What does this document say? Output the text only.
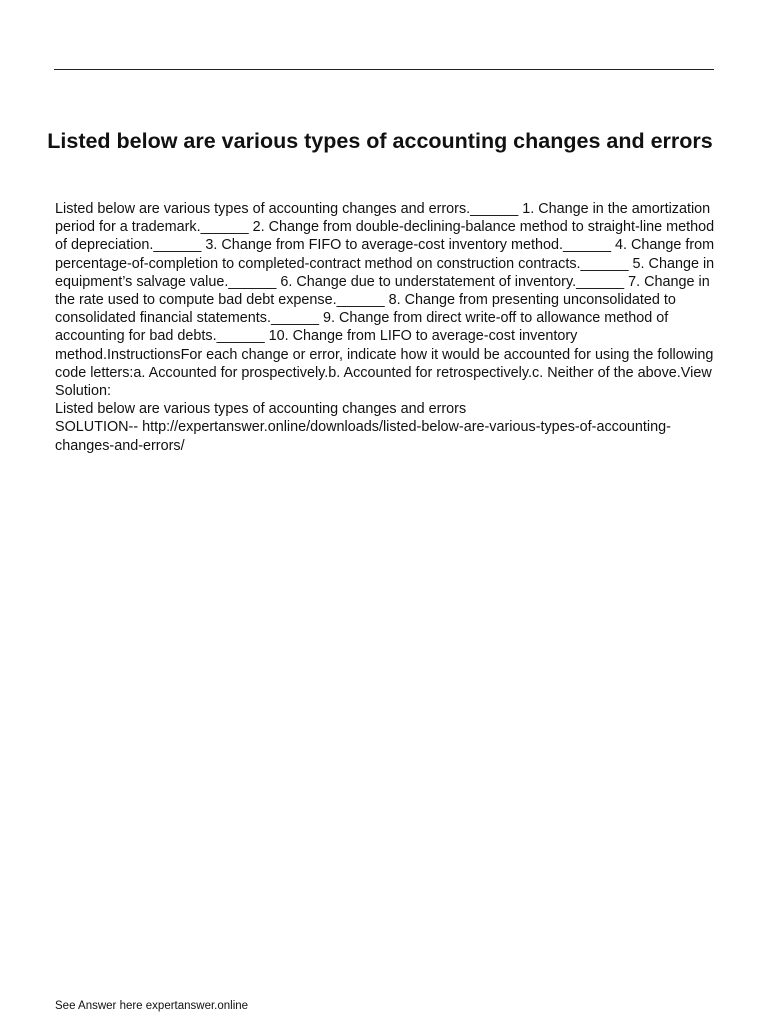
Listed below are various types of accounting changes and errors

Listed below are various types of accounting changes and errors.______ 1. Change in the amortization period for a trademark.______ 2. Change from double-declining-balance method to straight-line method of depreciation.______ 3. Change from FIFO to average-cost inventory method.______ 4. Change from percentage-of-completion to completed-contract method on construction contracts.______ 5. Change in equipment’s salvage value.______ 6. Change due to understatement of inventory.______ 7. Change in the rate used to compute bad debt expense.______ 8. Change from presenting unconsolidated to consolidated financial statements.______ 9. Change from direct write-off to allowance method of accounting for bad debts.______ 10. Change from LIFO to average-cost inventory method.InstructionsFor each change or error, indicate how it would be accounted for using the following code letters:a. Accounted for prospectively.b. Accounted for retrospectively.c. Neither of the above.View Solution:

Listed below are various types of accounting changes and errors

SOLUTION-- http://expertanswer.online/downloads/listed-below-are-various-types-of-accounting-changes-and-errors/

See Answer here expertanswer.online
